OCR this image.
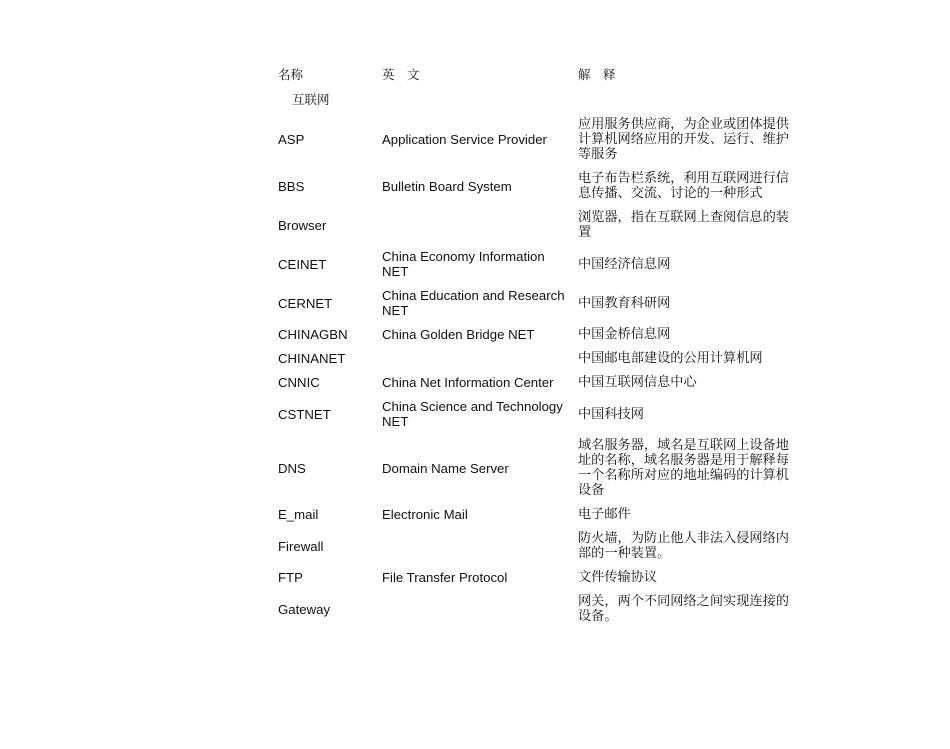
名称	英　文	解　释
互联网		
ASP	Application Service Provider	应用服务供应商，为企业或团体提供计算机网络应用的开发、运行、维护等服务
BBS	Bulletin Board System	电子布告栏系统，利用互联网进行信息传播、交流、讨论的一种形式
Browser		浏览器，指在互联网上查阅信息的装置
CEINET	China Economy Information NET	中国经济信息网
CERNET	China Education and Research NET	中国教育科研网
CHINAGBN	China Golden Bridge NET	中国金桥信息网
CHINANET		中国邮电部建设的公用计算机网
CNNIC	China Net Information Center	中国互联网信息中心
CSTNET	China Science and Technology NET	中国科技网
DNS	Domain Name Server	域名服务器，域名是互联网上设备地址的名称，域名服务器是用于解释每一个名称所对应的地址编码的计算机设备
E_mail	Electronic Mail	电子邮件
Firewall		防火墙，为防止他人非法入侵网络内部的一种装置。
FTP	File Transfer Protocol	文件传输协议
Gateway		网关，两个不同网络之间实现连接的设备。
